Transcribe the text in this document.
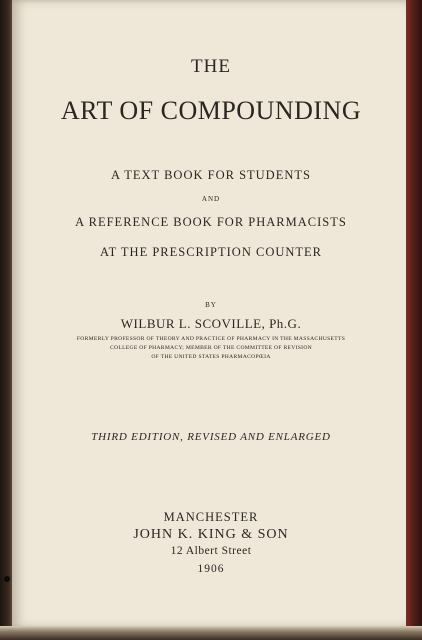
THE
ART OF COMPOUNDING
A TEXT BOOK FOR STUDENTS
AND
A REFERENCE BOOK FOR PHARMACISTS
AT THE PRESCRIPTION COUNTER
BY
WILBUR L. SCOVILLE, Ph.G.
FORMERLY PROFESSOR OF THEORY AND PRACTICE OF PHARMACY IN THE MASSACHUSETTS
COLLEGE OF PHARMACY; MEMBER OF THE COMMITTEE OF REVISION
OF THE UNITED STATES PHARMACOPŒIA
THIRD EDITION, REVISED AND ENLARGED
MANCHESTER
JOHN K. KING & SON
12 Albert Street
1906
